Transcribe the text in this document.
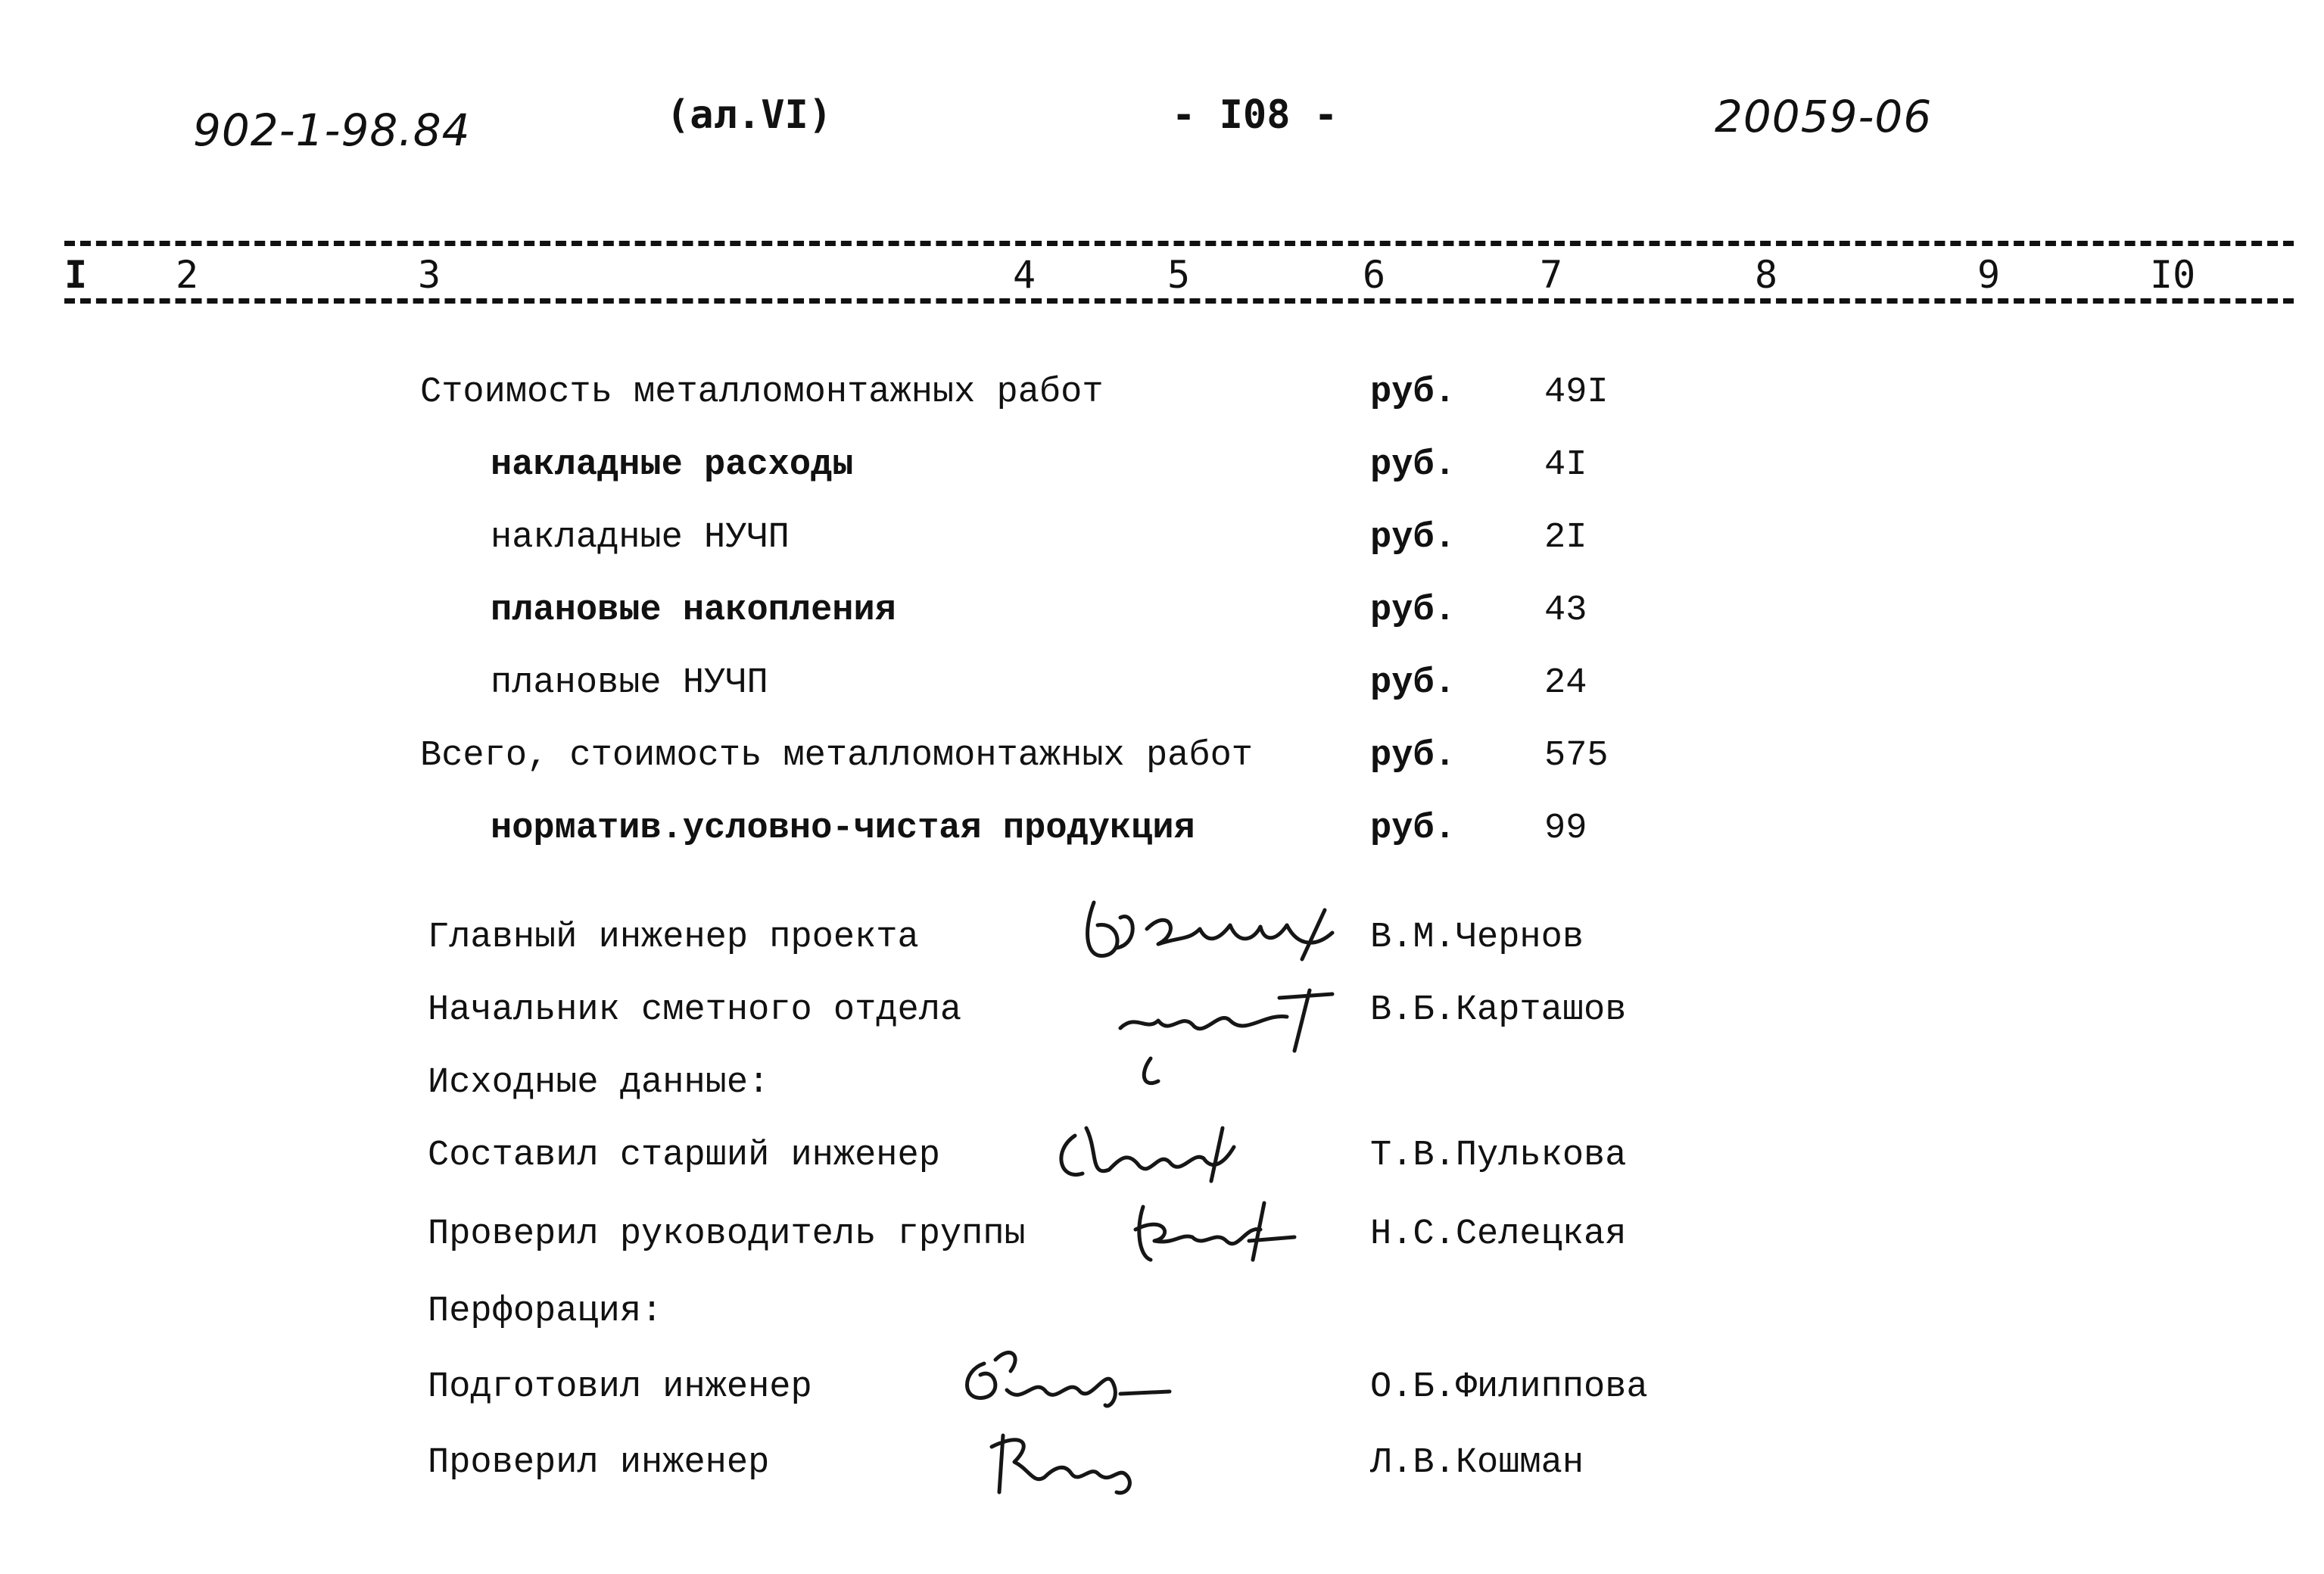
902-1-98.84	(ал.VI)	- I08 -	20059-06
I 2	3	4	5	6	7	8	9	I0
Стоимость металломонтажных работ	руб. 49I
накладные расходы	руб. 4I
накладные НУЧП	руб. 2I
плановые накопления	руб. 43
плановые НУЧП	руб. 24
Всего, стоимость металломонтажных работ	руб. 575
норматив.условно-чистая продукция	руб. 99
Главный инженер проекта	В.М.Чернов
Начальник сметного отдела	В.Б.Карташов
Исходные данные:
Составил старший инженер	Т.В.Пулькова
Проверил руководитель группы	Н.С.Селецкая
Перфорация:
Подготовил инженер	О.Б.Филиппова
Проверил инженер	Л.В.Кошман
